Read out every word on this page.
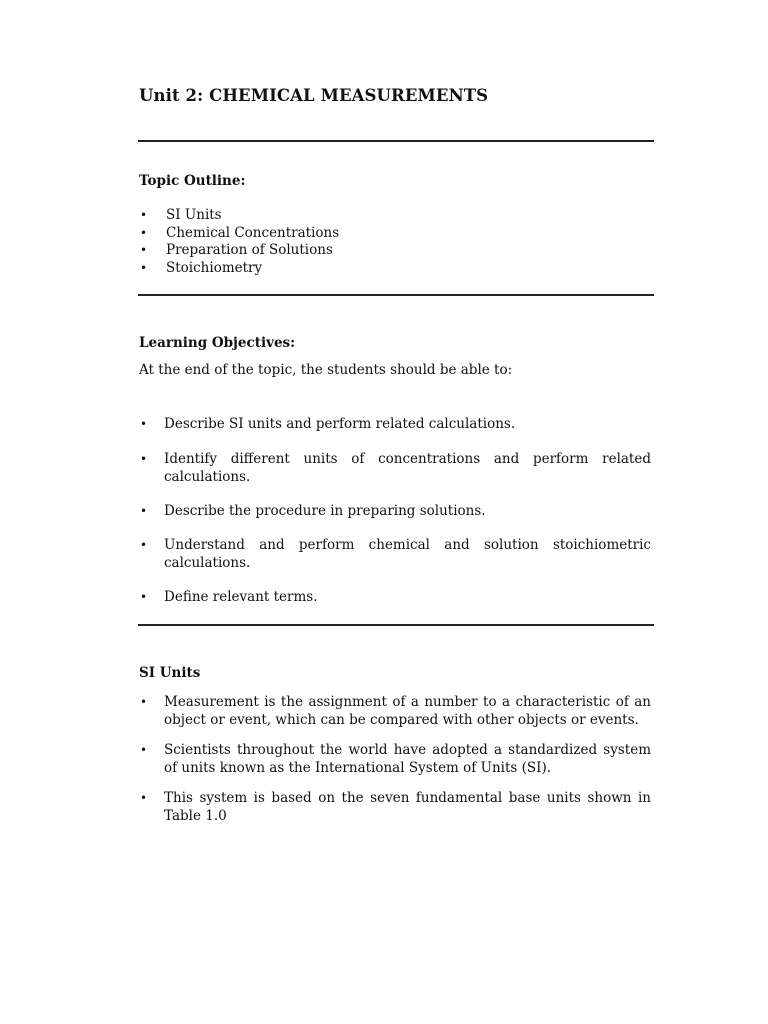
Unit 2: CHEMICAL MEASUREMENTS
Topic Outline:
• SI Units
• Chemical Concentrations
• Preparation of Solutions
• Stoichiometry
Learning Objectives:
At the end of the topic, the students should be able to:
• Describe SI units and perform related calculations.
• Identify different units of concentrations and perform related calculations.
• Describe the procedure in preparing solutions.
• Understand and perform chemical and solution stoichiometric calculations.
• Define relevant terms.
SI Units
• Measurement is the assignment of a number to a characteristic of an object or event, which can be compared with other objects or events.
• Scientists throughout the world have adopted a standardized system of units known as the International System of Units (SI).
• This system is based on the seven fundamental base units shown in Table 1.0
